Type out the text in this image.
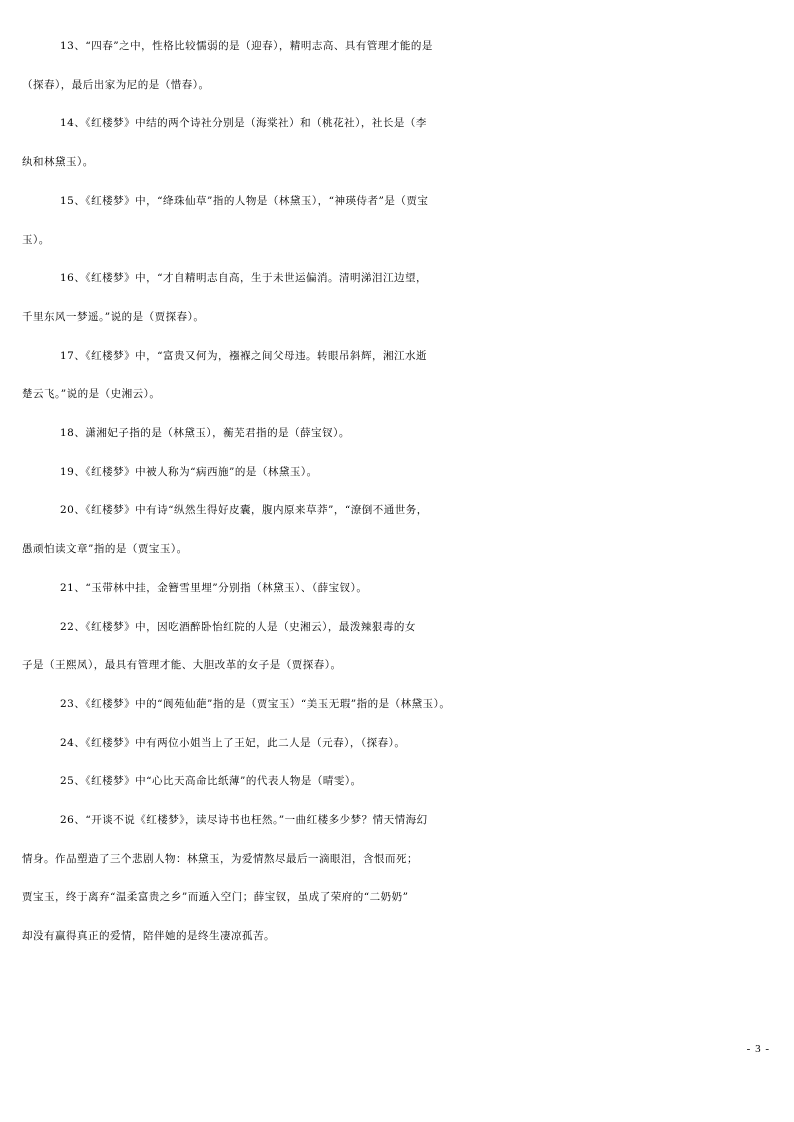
13、“四春”之中，性格比较懦弱的是（迎春），精明志高、具有管理才能的是
（探春），最后出家为尼的是（惜春）。
14、《红楼梦》中结的两个诗社分别是（海棠社）和（桃花社），社长是（李
纨和林黛玉）。
15、《红楼梦》中，“绛珠仙草”指的人物是（林黛玉），“神瑛侍者”是（贾宝
玉）。
16、《红楼梦》中，“才自精明志自高，生于未世运偏消。清明涕泪江边望，
千里东风一梦遥。”说的是（贾探春）。
17、《红楼梦》中，“富贵又何为，襁褓之间父母违。转眼吊斜辉，湘江水逝
楚云飞。”说的是（史湘云）。
18、潇湘妃子指的是（林黛玉），蘅芜君指的是（薛宝钗）。
19、《红楼梦》中被人称为“病西施”的是（林黛玉）。
20、《红楼梦》中有诗“纵然生得好皮囊，腹内原来草莽”，“潦倒不通世务，
愚顽怕读文章”指的是（贾宝玉）。
21、“玉带林中挂，金簪雪里埋”分别指（林黛玉）、（薛宝钗）。
22、《红楼梦》中，因吃酒醉卧怡红院的人是（史湘云），最泼辣狠毒的女
子是（王熙凤），最具有管理才能、大胆改革的女子是（贾探春）。
23、《红楼梦》中的“阆苑仙葩”指的是（贾宝玉）“美玉无瑕”指的是（林黛玉）。
24、《红楼梦》中有两位小姐当上了王妃，此二人是（元春），（探春）。
25、《红楼梦》中“心比天高命比纸薄”的代表人物是（晴雯）。
26、“开谈不说《红楼梦》，读尽诗书也枉然。”一曲红楼多少梦？情天情海幻
情身。作品塑造了三个悲剧人物：林黛玉，为爱情熬尽最后一滴眼泪，含恨而死；
贾宝玉，终于离弃“温柔富贵之乡”而遁入空门；薛宝钗，虽成了荣府的“二奶奶”
却没有赢得真正的爱情，陪伴她的是终生凄凉孤苦。
- 3 -
